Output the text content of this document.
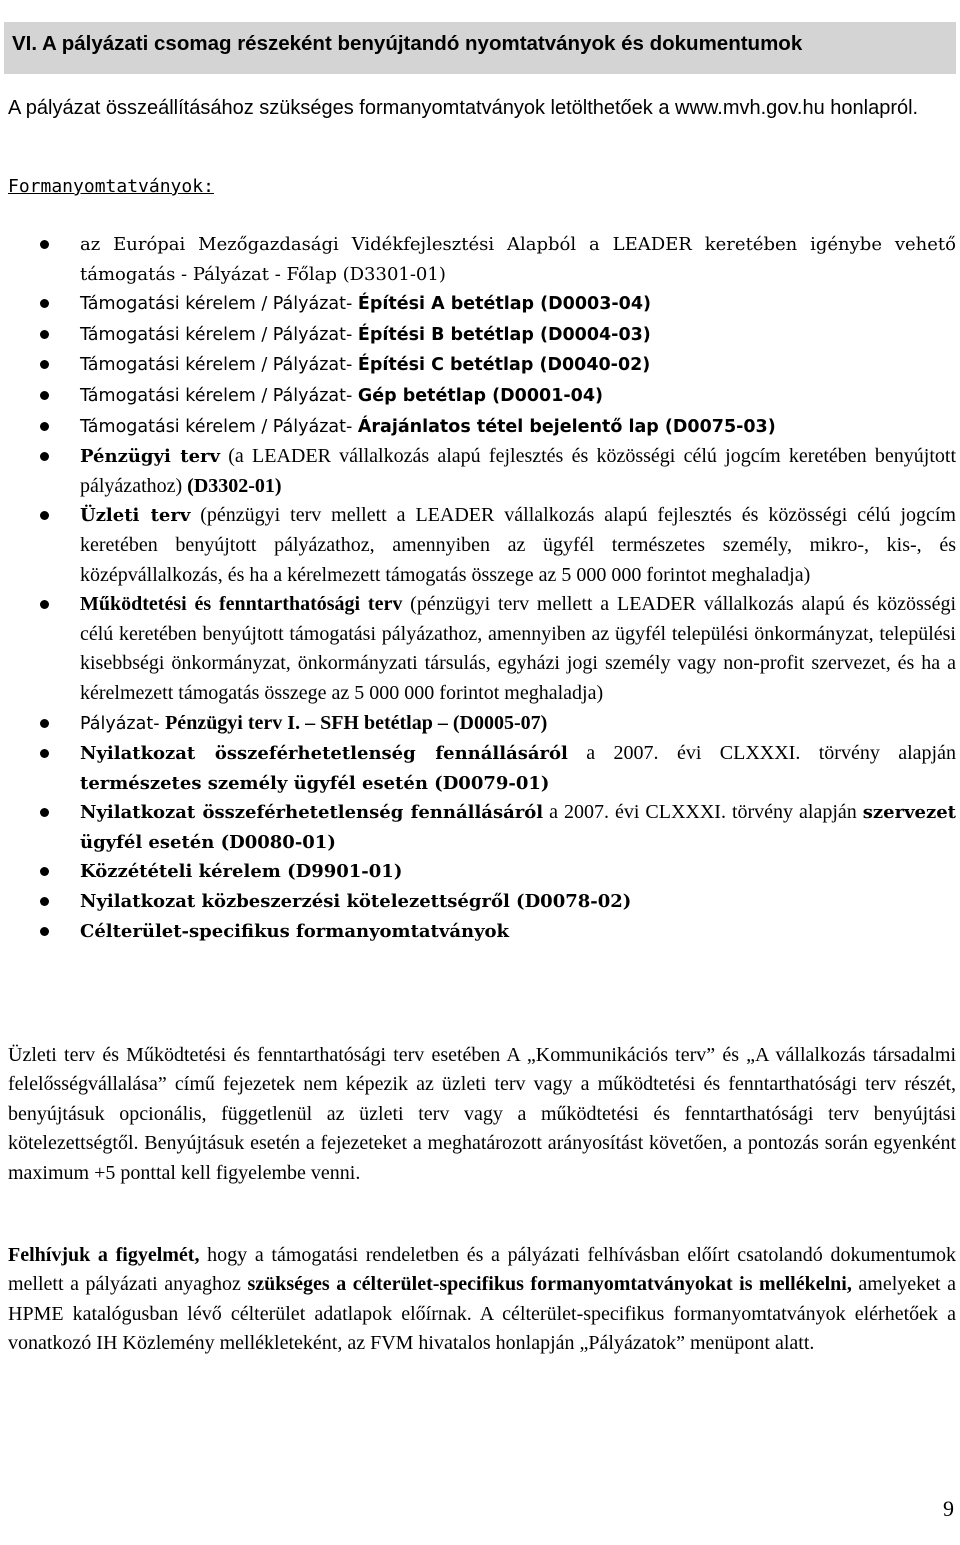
VI. A pályázati csomag részeként benyújtandó nyomtatványok és dokumentumok
A pályázat összeállításához szükséges formanyomtatványok letölthetőek a www.mvh.gov.hu honlapról.
Formanyomtatványok:
az Európai Mezőgazdasági Vidékfejlesztési Alapból a LEADER keretében igénybe vehető támogatás - Pályázat - Főlap (D3301-01)
Támogatási kérelem / Pályázat- Építési A betétlap (D0003-04)
Támogatási kérelem / Pályázat- Építési B betétlap (D0004-03)
Támogatási kérelem / Pályázat- Építési C betétlap (D0040-02)
Támogatási kérelem / Pályázat- Gép betétlap (D0001-04)
Támogatási kérelem / Pályázat- Árajánlatos tétel bejelentő lap (D0075-03)
Pénzügyi terv (a LEADER vállalkozás alapú fejlesztés és közösségi célú jogcím keretében benyújtott pályázathoz) (D3302-01)
Üzleti terv (pénzügyi terv mellett a LEADER vállalkozás alapú fejlesztés és közösségi célú jogcím keretében benyújtott pályázathoz, amennyiben az ügyfél természetes személy, mikro-, kis-, és középvállalkozás, és ha a kérelmezett támogatás összege az 5 000 000 forintot meghaladja)
Működtetési és fenntarthatósági terv (pénzügyi terv mellett a LEADER vállalkozás alapú és közösségi célú keretében benyújtott támogatási pályázathoz, amennyiben az ügyfél települési önkormányzat, települési kisebbségi önkormányzat, önkormányzati társulás, egyházi jogi személy vagy non-profit szervezet, és ha a kérelmezett támogatás összege az 5 000 000 forintot meghaladja)
Pályázat- Pénzügyi terv I. – SFH betétlap – (D0005-07)
Nyilatkozat összeférhetetlenség fennállásáról a 2007. évi CLXXXI. törvény alapján természetes személy ügyfél esetén (D0079-01)
Nyilatkozat összeférhetetlenség fennállásáról a 2007. évi CLXXXI. törvény alapján szervezet ügyfél esetén (D0080-01)
Közzétételi kérelem (D9901-01)
Nyilatkozat közbeszerzési kötelezettségről (D0078-02)
Célterület-specifikus formanyomtatványok
Üzleti terv és Működtetési és fenntarthatósági terv esetében A „Kommunikációs terv” és „A vállalkozás társadalmi felelősségvállalása” című fejezetek nem képezik az üzleti terv vagy a működtetési és fenntarthatósági terv részét, benyújtásuk opcionális, függetlenül az üzleti terv vagy a működtetési és fenntarthatósági terv benyújtási kötelezettségtől. Benyújtásuk esetén a fejezeteket a meghatározott arányosítást követően, a pontozás során egyenként maximum +5 ponttal kell figyelembe venni.
Felhívjuk a figyelmét, hogy a támogatási rendeletben és a pályázati felhívásban előírt csatolandó dokumentumok mellett a pályázati anyaghoz szükséges a célterület-specifikus formanyomtatványokat is mellékelni, amelyeket a HPME katalógusban lévő célterület adatlapok előírnak. A célterület-specifikus formanyomtatványok elérhetőek a vonatkozó IH Közlemény mellékleteként, az FVM hivatalos honlapján „Pályázatok” menüpont alatt.
9
